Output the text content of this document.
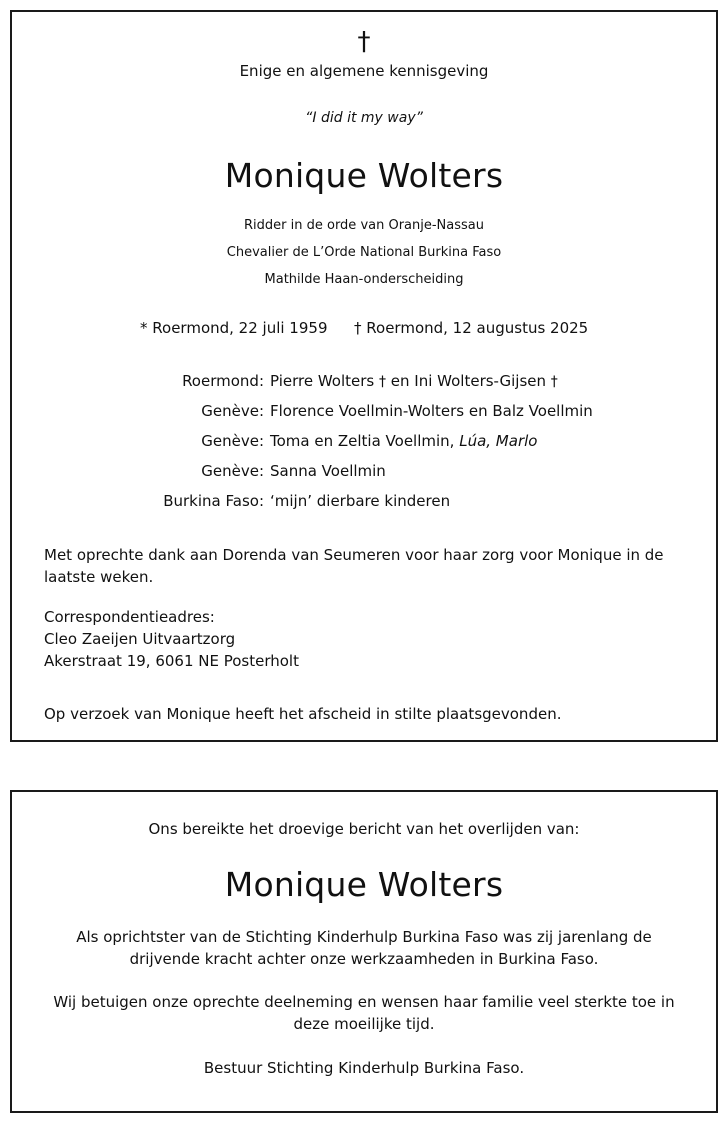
†
Enige en algemene kennisgeving
“I did it my way”
Monique Wolters
Ridder in de orde van Oranje-Nassau
Chevalier de L’Orde National Burkina Faso
Mathilde Haan-onderscheiding
* Roermond, 22 juli 1959 † Roermond, 12 augustus 2025
Roermond: Pierre Wolters † en Ini Wolters-Gijsen †
Genève: Florence Voellmin-Wolters en Balz Voellmin
Genève: Toma en Zeltia Voellmin, Lúa, Marlo
Genève: Sanna Voellmin
Burkina Faso: ‘mijn’ dierbare kinderen
Met oprechte dank aan Dorenda van Seumeren voor haar zorg voor Monique in de
laatste weken.
Correspondentieadres:
Cleo Zaeijen Uitvaartzorg
Akerstraat 19, 6061 NE Posterholt
Op verzoek van Monique heeft het afscheid in stilte plaatsgevonden.
Ons bereikte het droevige bericht van het overlijden van:
Monique Wolters
Als oprichtster van de Stichting Kinderhulp Burkina Faso was zij jarenlang de
drijvende kracht achter onze werkzaamheden in Burkina Faso.
Wij betuigen onze oprechte deelneming en wensen haar familie veel sterkte toe in
deze moeilijke tijd.
Bestuur Stichting Kinderhulp Burkina Faso.
